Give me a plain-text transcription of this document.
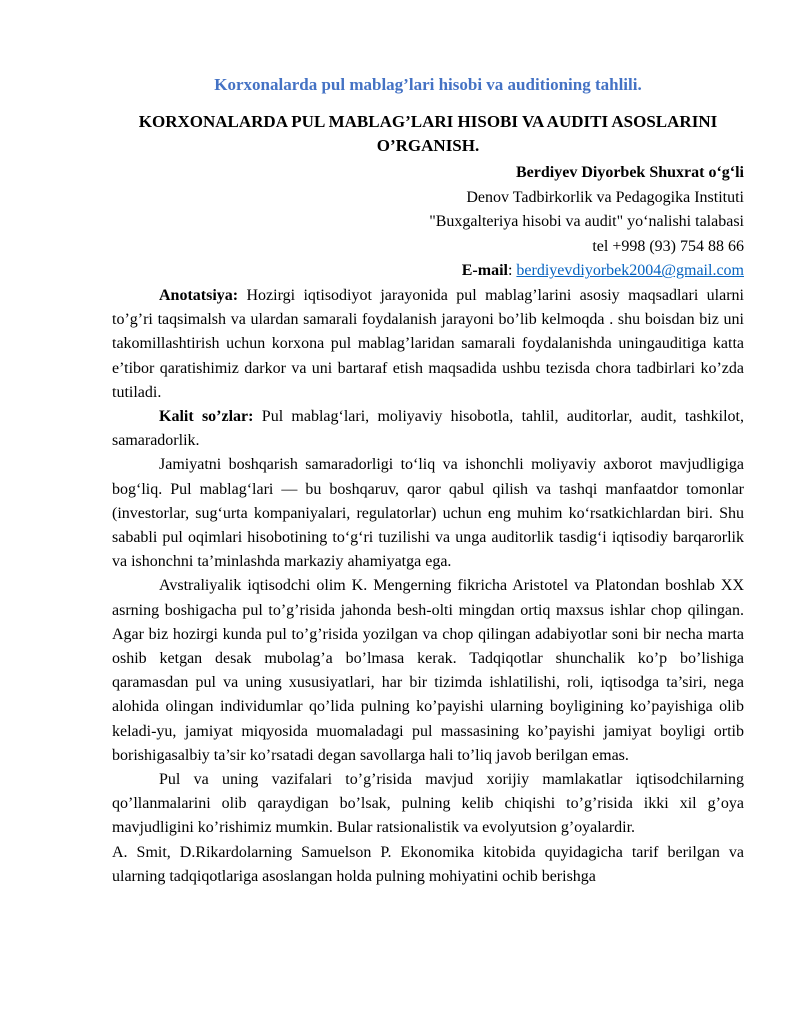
Korxonalarda pul mablag’lari hisobi va auditioning tahlili.
KORXONALARDA PUL MABLAG’LARI HISOBI VA AUDITI ASOSLARINI O’RGANISH.
Berdiyev Diyorbek Shuxrat o‘g‘li
Denov Tadbirkorlik va Pedagogika Instituti
"Buxgalteriya hisobi va audit" yo‘nalishi talabasi
tel +998 (93) 754 88 66
E-mail: berdiyevdiyorbek2004@gmail.com

Anotatsiya: Hozirgi iqtisodiyot jarayonida pul mablag’larini asosiy maqsadlari ularni to’g’ri taqsimalsh va ulardan samarali foydalanish jarayoni bo’lib kelmoqda . shu boisdan biz uni takomillashtirish uchun korxona pul mablag’laridan samarali foydalanishda uningauditiga katta e’tibor qaratishimiz darkor va uni bartaraf etish maqsadida ushbu tezisda chora tadbirlari ko’zda tutiladi.

Kalit so’zlar: Pul mablag‘lari, moliyaviy hisobotla, tahlil, auditorlar, audit, tashkilot, samaradorlik.

Jamiyatni boshqarish samaradorligi to‘liq va ishonchli moliyaviy axborot mavjudligiga bog‘liq. Pul mablag‘lari — bu boshqaruv, qaror qabul qilish va tashqi manfaatdor tomonlar (investorlar, sug‘urta kompaniyalari, regulatorlar) uchun eng muhim ko‘rsatkichlardan biri. Shu sababli pul oqimlari hisobotining to‘g‘ri tuzilishi va unga auditorlik tasdig‘i iqtisodiy barqarorlik va ishonchni ta’minlashda markaziy ahamiyatga ega.

Avstraliyalik iqtisodchi olim K. Mengerning fikricha Aristotel va Platondan boshlab XX asrning boshigacha pul to’g’risida jahonda besh-olti mingdan ortiq maxsus ishlar chop qilingan. Agar biz hozirgi kunda pul to’g’risida yozilgan va chop qilingan adabiyotlar soni bir necha marta oshib ketgan desak mubolag’a bo’lmasa kerak. Tadqiqotlar shunchalik ko’p bo’lishiga qaramasdan pul va uning xususiyatlari, har bir tizimda ishlatilishi, roli, iqtisodga ta’siri, nega alohida olingan individumlar qo’lida pulning ko’payishi ularning boyligining ko’payishiga olib keladi-yu, jamiyat miqyosida muomaladagi pul massasining ko’payishi jamiyat boyligi ortib borishigasalbiy ta’sir ko’rsatadi degan savollarga hali to’liq javob berilgan emas.

Pul va uning vazifalari to’g’risida mavjud xorijiy mamlakatlar iqtisodchilarning qo’llanmalarini olib qaraydigan bo’lsak, pulning kelib chiqishi to’g’risida ikki xil g’oya mavjudligini ko’rishimiz mumkin. Bular ratsionalistik va evolyutsion g’oyalardir.

A. Smit, D.Rikardolarning Samuelson P. Ekonomika kitobida quyidagicha tarif berilgan va ularning tadqiqotlariga asoslangan holda pulning mohiyatini ochib berishga
